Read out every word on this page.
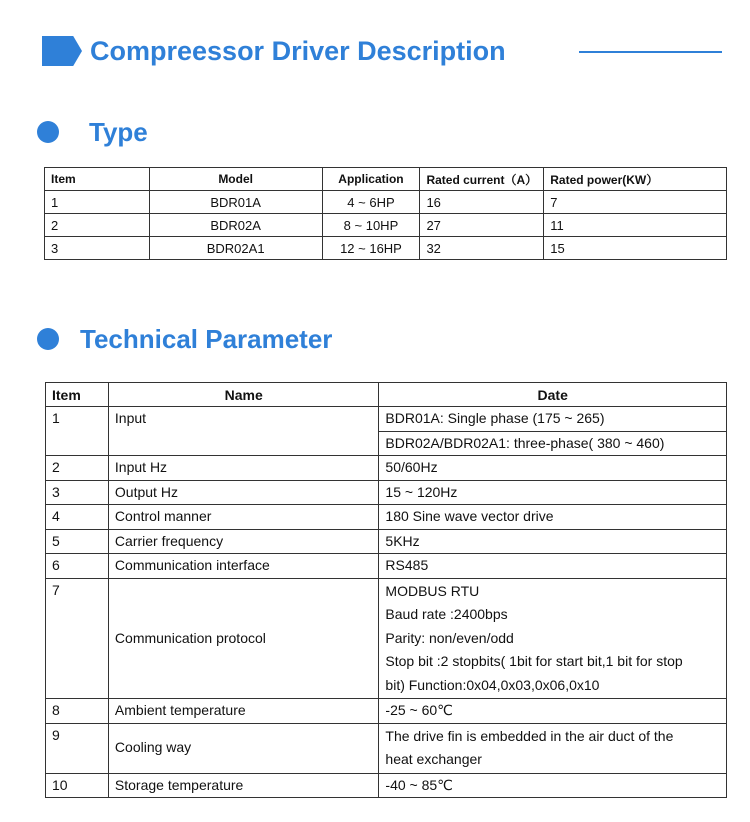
Compreessor Driver Description
Type
Item	Model	Application	Rated current（A）	Rated power(KW）
1	BDR01A	4 ~ 6HP	16	7
2	BDR02A	8 ~ 10HP	27	11
3	BDR02A1	12 ~ 16HP	32	15
Technical Parameter
Item	Name	Date
1	Input	BDR01A: Single phase (175 ~ 265)
		BDR02A/BDR02A1: three-phase( 380 ~ 460)
2	Input Hz	50/60Hz
3	Output Hz	15 ~ 120Hz
4	Control manner	180 Sine wave vector drive
5	Carrier frequency	5KHz
6	Communication interface	RS485
7	Communication protocol	MODBUS RTU
Baud rate :2400bps
Parity: non/even/odd
Stop bit :2 stopbits( 1bit for start bit,1 bit for stop
bit) Function:0x04,0x03,0x06,0x10

8	Ambient temperature	-25 ~ 60℃
9	Cooling way	The drive fin is embedded in the air duct of the
heat exchanger

10	Storage temperature	-40 ~ 85℃
